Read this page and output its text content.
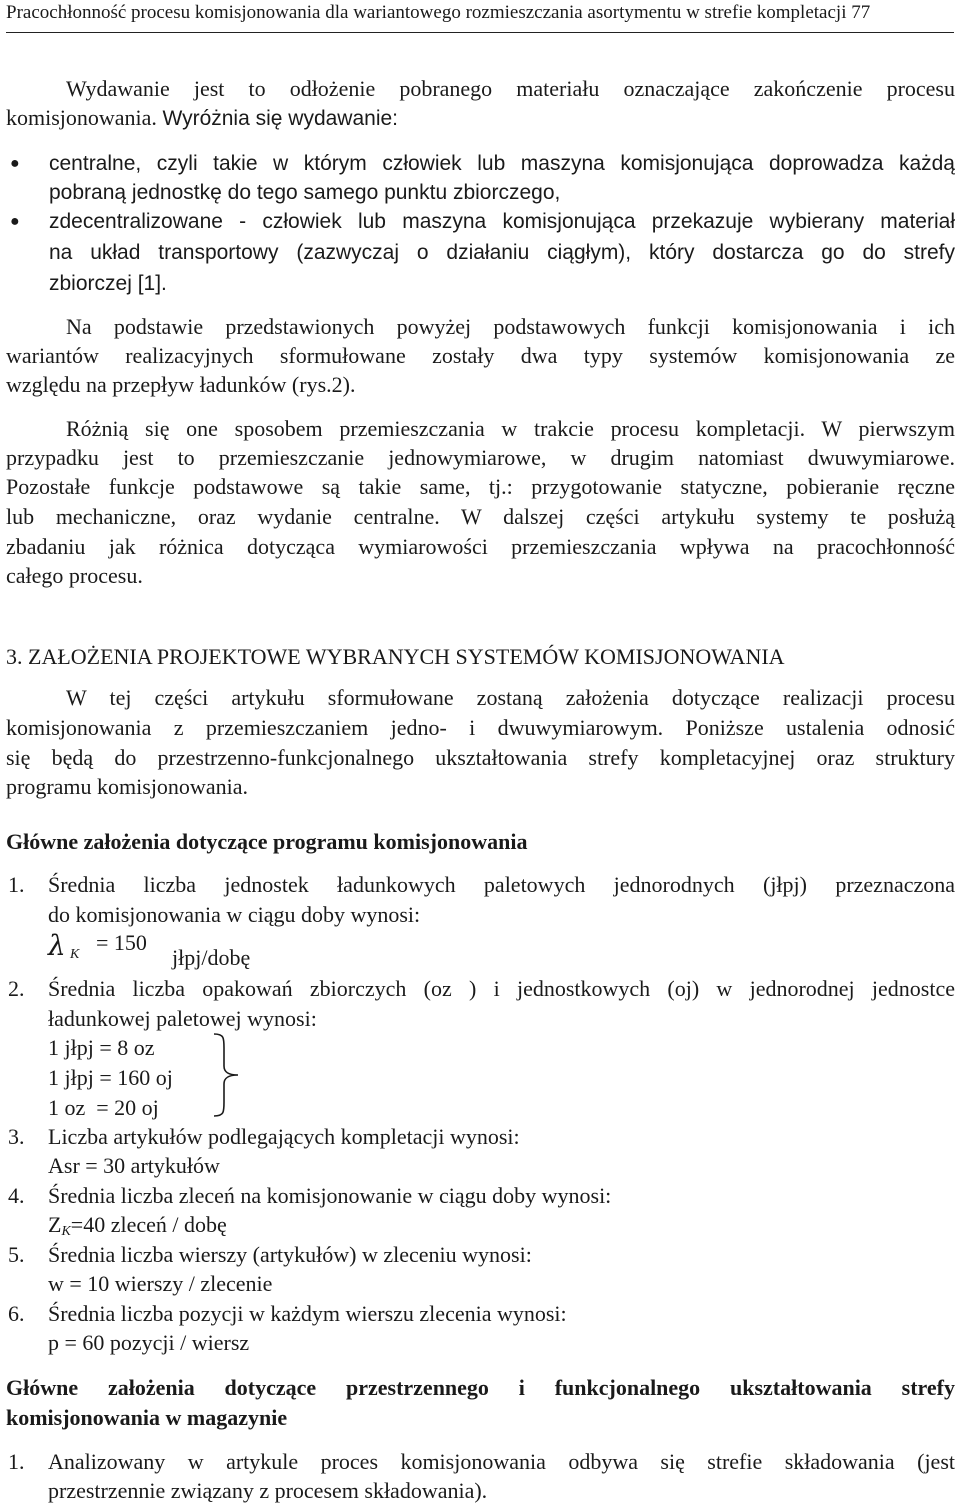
Pracochłonność procesu komisjonowania dla wariantowego rozmieszczania asortymentu w strefie kompletacji 77
Wydawanie jest to odłożenie pobranego materiału oznaczające zakończenie procesu
komisjonowania. Wyróżnia się wydawanie:
● centralne, czyli takie w którym człowiek lub maszyna komisjonująca doprowadza każdą
pobraną jednostkę do tego samego punktu zbiorczego,
● zdecentralizowane - człowiek lub maszyna komisjonująca przekazuje wybierany materiał
na układ transportowy (zazwyczaj o działaniu ciągłym), który dostarcza go do strefy
zbiorczej [1].
Na podstawie przedstawionych powyżej podstawowych funkcji komisjonowania i ich
wariantów realizacyjnych sformułowane zostały dwa typy systemów komisjonowania ze
względu na przepływ ładunków (rys.2).
Różnią się one sposobem przemieszczania w trakcie procesu kompletacji. W pierwszym
przypadku jest to przemieszczanie jednowymiarowe, w drugim natomiast dwuwymiarowe.
Pozostałe funkcje podstawowe są takie same, tj.: przygotowanie statyczne, pobieranie ręczne
lub mechaniczne, oraz wydanie centralne. W dalszej części artykułu systemy te posłużą
zbadaniu jak różnica dotycząca wymiarowości przemieszczania wpływa na pracochłonność
całego procesu.
3. ZAŁOŻENIA PROJEKTOWE WYBRANYCH SYSTEMÓW KOMISJONOWANIA
W tej części artykułu sformułowane zostaną założenia dotyczące realizacji procesu
komisjonowania z przemieszczaniem jedno- i dwuwymiarowym. Poniższe ustalenia odnosić
się będą do przestrzenno-funkcjonalnego ukształtowania strefy kompletacyjnej oraz struktury
programu komisjonowania.
Główne założenia dotyczące programu komisjonowania
1. Średnia liczba jednostek ładunkowych paletowych jednorodnych (jłpj) przeznaczona
do komisjonowania w ciągu doby wynosi:
λ K = 150
jłpj/dobę
2. Średnia liczba opakowań zbiorczych (oz ) i jednostkowych (oj) w jednorodnej jednostce
ładunkowej paletowej wynosi:
1 jłpj = 8 oz
1 jłpj = 160 oj
1 oz  = 20 oj
3. Liczba artykułów podlegających kompletacji wynosi:
Asr = 30 artykułów
4. Średnia liczba zleceń na komisjonowanie w ciągu doby wynosi:
ZK=40 zleceń / dobę
5. Średnia liczba wierszy (artykułów) w zleceniu wynosi:
w = 10 wierszy / zlecenie
6. Średnia liczba pozycji w każdym wierszu zlecenia wynosi:
p = 60 pozycji / wiersz
Główne założenia dotyczące przestrzennego i funkcjonalnego ukształtowania strefy
komisjonowania w magazynie
1. Analizowany w artykule proces komisjonowania odbywa się strefie składowania (jest
przestrzennie związany z procesem składowania).
